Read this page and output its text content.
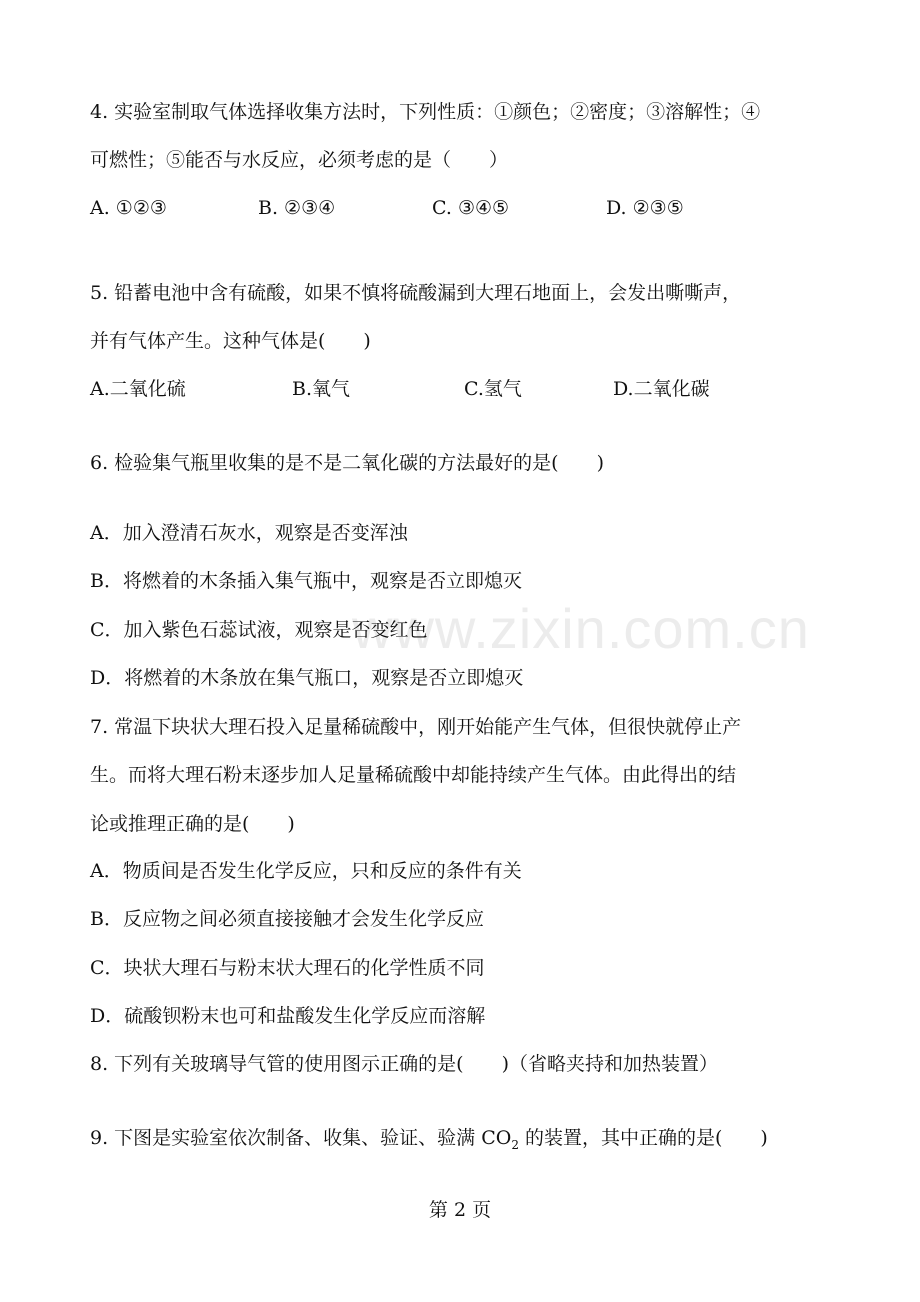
www.zixin.com.cn
4. 实验室制取气体选择收集方法时，下列性质：①颜色；②密度；③溶解性；④
可燃性；⑤能否与水反应，必须考虑的是（　　）
A. ①②③	B. ②③④	C. ③④⑤	D. ②③⑤
5. 铅蓄电池中含有硫酸，如果不慎将硫酸漏到大理石地面上，会发出嘶嘶声，
并有气体产生。这种气体是(　　)
A.二氧化硫	B.氧气	C.氢气	D.二氧化碳
6. 检验集气瓶里收集的是不是二氧化碳的方法最好的是(　　)
A．加入澄清石灰水，观察是否变浑浊
B．将燃着的木条插入集气瓶中，观察是否立即熄灭
C．加入紫色石蕊试液，观察是否变红色
D．将燃着的木条放在集气瓶口，观察是否立即熄灭
7. 常温下块状大理石投入足量稀硫酸中，刚开始能产生气体，但很快就停止产
生。而将大理石粉末逐步加人足量稀硫酸中却能持续产生气体。由此得出的结
论或推理正确的是(　　)
A．物质间是否发生化学反应，只和反应的条件有关
B．反应物之间必须直接接触才会发生化学反应
C．块状大理石与粉末状大理石的化学性质不同
D．硫酸钡粉末也可和盐酸发生化学反应而溶解
8. 下列有关玻璃导气管的使用图示正确的是(　　)（省略夹持和加热装置）
9. 下图是实验室依次制备、收集、验证、验满 $CO_2$ 的装置，其中正确的是(　　)
第 2 页
